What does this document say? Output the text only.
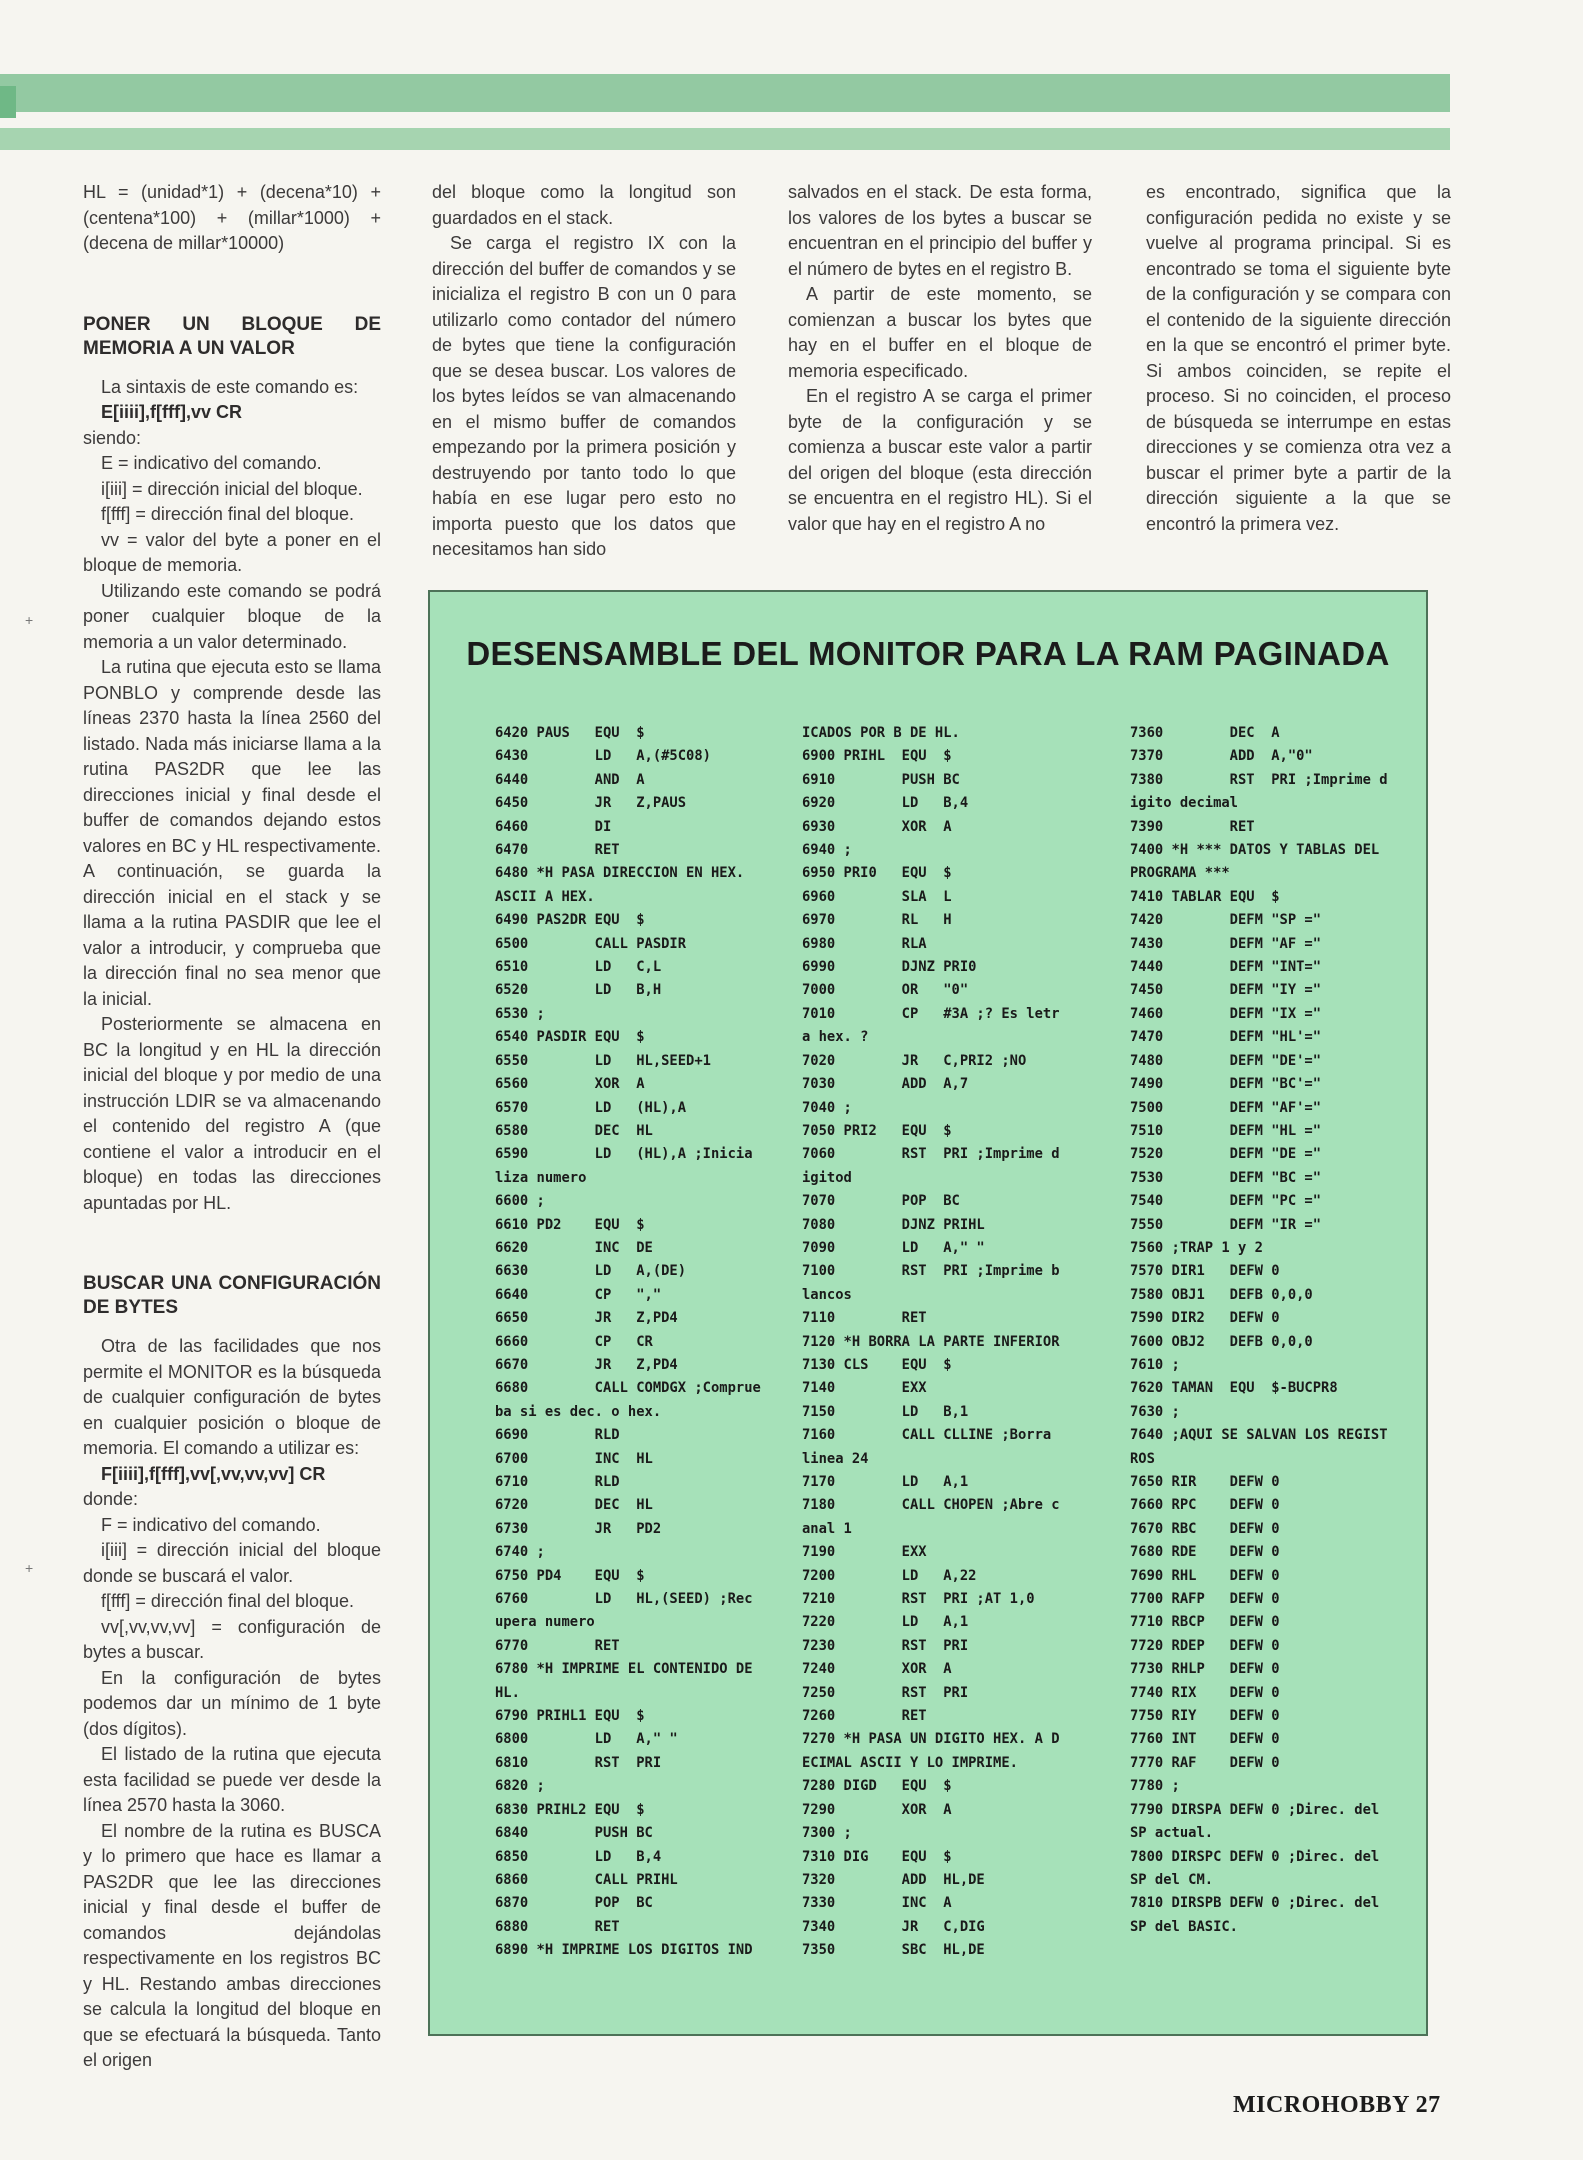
HL = (unidad*1) + (decena*10) + (centena*100) + (millar*1000) + (decena de millar*10000)

PONER UN BLOQUE DE MEMORIA A UN VALOR

La sintaxis de este comando es:

E[iiii],f[fff],vv CR

siendo:

E = indicativo del comando.

i[iii] = dirección inicial del bloque.

f[fff] = dirección final del bloque.

vv = valor del byte a poner en el bloque de memoria.

Utilizando este comando se podrá poner cualquier bloque de la memoria a un valor determinado.

La rutina que ejecuta esto se llama PONBLO y comprende desde las líneas 2370 hasta la línea 2560 del listado. Nada más iniciarse llama a la rutina PAS2DR que lee las direcciones inicial y final desde el buffer de comandos dejando estos valores en BC y HL respectivamente. A continuación, se guarda la dirección inicial en el stack y se llama a la rutina PASDIR que lee el valor a introducir, y comprueba que la dirección final no sea menor que la inicial.

Posteriormente se almacena en BC la longitud y en HL la dirección inicial del bloque y por medio de una instrucción LDIR se va almacenando el contenido del registro A (que contiene el valor a introducir en el bloque) en todas las direcciones apuntadas por HL.

BUSCAR UNA CONFIGURACIÓN DE BYTES

Otra de las facilidades que nos permite el MONITOR es la búsqueda de cualquier configuración de bytes en cualquier posición o bloque de memoria. El comando a utilizar es:

F[iiii],f[fff],vv[,vv,vv,vv] CR

donde:

F = indicativo del comando.

i[iii] = dirección inicial del bloque donde se buscará el valor.

f[fff] = dirección final del bloque.

vv[,vv,vv,vv] = configuración de bytes a buscar.

En la configuración de bytes podemos dar un mínimo de 1 byte (dos dígitos).

El listado de la rutina que ejecuta esta facilidad se puede ver desde la línea 2570 hasta la 3060.

El nombre de la rutina es BUSCA y lo primero que hace es llamar a PAS2DR que lee las direcciones inicial y final desde el buffer de comandos dejándolas respectivamente en los registros BC y HL. Restando ambas direcciones se calcula la longitud del bloque en que se efectuará la búsqueda. Tanto el origen

del bloque como la longitud son guardados en el stack.

Se carga el registro IX con la dirección del buffer de comandos y se inicializa el registro B con un 0 para utilizarlo como contador del número de bytes que tiene la configuración que se desea buscar. Los valores de los bytes leídos se van almacenando en el mismo buffer de comandos empezando por la primera posición y destruyendo por tanto todo lo que había en ese lugar pero esto no importa puesto que los datos que necesitamos han sido

salvados en el stack. De esta forma, los valores de los bytes a buscar se encuentran en el principio del buffer y el número de bytes en el registro B.

A partir de este momento, se comienzan a buscar los bytes que hay en el buffer en el bloque de memoria especificado.

En el registro A se carga el primer byte de la configuración y se comienza a buscar este valor a partir del origen del bloque (esta dirección se encuentra en el registro HL). Si el valor que hay en el registro A no

es encontrado, significa que la configuración pedida no existe y se vuelve al programa principal. Si es encontrado se toma el siguiente byte de la configuración y se compara con el contenido de la siguiente dirección en la que se encontró el primer byte. Si ambos coinciden, se repite el proceso. Si no coinciden, el proceso de búsqueda se interrumpe en estas direcciones y se comienza otra vez a buscar el primer byte a partir de la dirección siguiente a la que se encontró la primera vez.

DESENSAMBLE DEL MONITOR PARA LA RAM PAGINADA
6420 PAUS   EQU  $
6430        LD   A,(#5C08)
6440        AND  A
6450        JR   Z,PAUS
6460        DI
6470        RET
6480 *H PASA DIRECCION EN HEX.
ASCII A HEX.
6490 PAS2DR EQU  $
6500        CALL PASDIR
6510        LD   C,L
6520        LD   B,H
6530 ;
6540 PASDIR EQU  $
6550        LD   HL,SEED+1
6560        XOR  A
6570        LD   (HL),A
6580        DEC  HL
6590        LD   (HL),A ;Inicia
liza numero
6600 ;
6610 PD2    EQU  $
6620        INC  DE
6630        LD   A,(DE)
6640        CP   ","
6650        JR   Z,PD4
6660        CP   CR
6670        JR   Z,PD4
6680        CALL COMDGX ;Comprue
ba si es dec. o hex.
6690        RLD
6700        INC  HL
6710        RLD
6720        DEC  HL
6730        JR   PD2
6740 ;
6750 PD4    EQU  $
6760        LD   HL,(SEED) ;Rec
upera numero
6770        RET
6780 *H IMPRIME EL CONTENIDO DE
HL.
6790 PRIHL1 EQU  $
6800        LD   A," "
6810        RST  PRI
6820 ;
6830 PRIHL2 EQU  $
6840        PUSH BC
6850        LD   B,4
6860        CALL PRIHL
6870        POP  BC
6880        RET
6890 *H IMPRIME LOS DIGITOS IND
ICADOS POR B DE HL.
6900 PRIHL  EQU  $
6910        PUSH BC
6920        LD   B,4
6930        XOR  A
6940 ;
6950 PRI0   EQU  $
6960        SLA  L
6970        RL   H
6980        RLA
6990        DJNZ PRI0
7000        OR   "0"
7010        CP   #3A ;? Es letr
a hex. ?
7020        JR   C,PRI2 ;NO
7030        ADD  A,7
7040 ;
7050 PRI2   EQU  $
7060        RST  PRI ;Imprime d
igitod
7070        POP  BC
7080        DJNZ PRIHL
7090        LD   A," "
7100        RST  PRI ;Imprime b
lancos
7110        RET
7120 *H BORRA LA PARTE INFERIOR
7130 CLS    EQU  $
7140        EXX
7150        LD   B,1
7160        CALL CLLINE ;Borra
linea 24
7170        LD   A,1
7180        CALL CHOPEN ;Abre c
anal 1
7190        EXX
7200        LD   A,22
7210        RST  PRI ;AT 1,0
7220        LD   A,1
7230        RST  PRI
7240        XOR  A
7250        RST  PRI
7260        RET
7270 *H PASA UN DIGITO HEX. A D
ECIMAL ASCII Y LO IMPRIME.
7280 DIGD   EQU  $
7290        XOR  A
7300 ;
7310 DIG    EQU  $
7320        ADD  HL,DE
7330        INC  A
7340        JR   C,DIG
7350        SBC  HL,DE
7360        DEC  A
7370        ADD  A,"0"
7380        RST  PRI ;Imprime d
igito decimal
7390        RET
7400 *H *** DATOS Y TABLAS DEL
PROGRAMA ***
7410 TABLAR EQU  $
7420        DEFM "SP ="
7430        DEFM "AF ="
7440        DEFM "INT="
7450        DEFM "IY ="
7460        DEFM "IX ="
7470        DEFM "HL'="
7480        DEFM "DE'="
7490        DEFM "BC'="
7500        DEFM "AF'="
7510        DEFM "HL ="
7520        DEFM "DE ="
7530        DEFM "BC ="
7540        DEFM "PC ="
7550        DEFM "IR ="
7560 ;TRAP 1 y 2
7570 DIR1   DEFW 0
7580 OBJ1   DEFB 0,0,0
7590 DIR2   DEFW 0
7600 OBJ2   DEFB 0,0,0
7610 ;
7620 TAMAN  EQU  $-BUCPR8
7630 ;
7640 ;AQUI SE SALVAN LOS REGIST
ROS
7650 RIR    DEFW 0
7660 RPC    DEFW 0
7670 RBC    DEFW 0
7680 RDE    DEFW 0
7690 RHL    DEFW 0
7700 RAFP   DEFW 0
7710 RBCP   DEFW 0
7720 RDEP   DEFW 0
7730 RHLP   DEFW 0
7740 RIX    DEFW 0
7750 RIY    DEFW 0
7760 INT    DEFW 0
7770 RAF    DEFW 0
7780 ;
7790 DIRSPA DEFW 0 ;Direc. del
SP actual.
7800 DIRSPC DEFW 0 ;Direc. del
SP del CM.
7810 DIRSPB DEFW 0 ;Direc. del
SP del BASIC.
MICROHOBBY 27
+
+
